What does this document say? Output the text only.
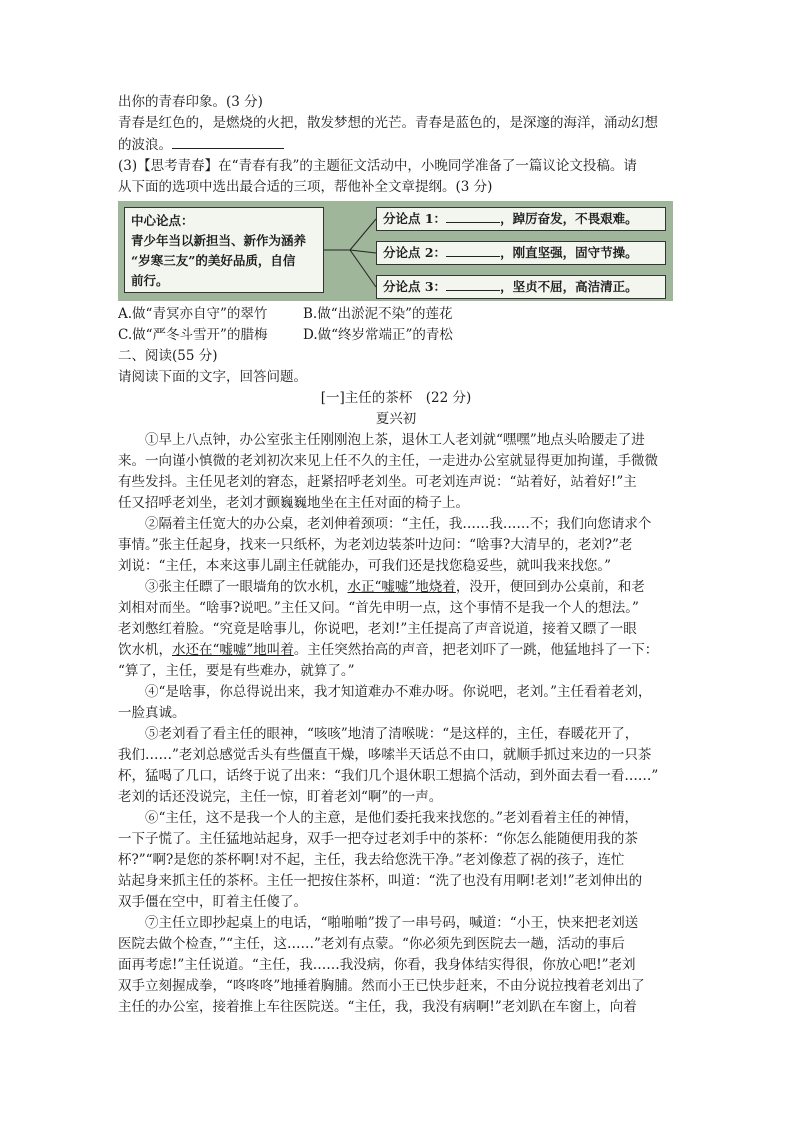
出你的青春印象。(3 分)
青春是红色的，是燃烧的火把，散发梦想的光芒。青春是蓝色的，是深邃的海洋，涌动幻想
的波浪。
(3)【思考青春】在“青春有我”的主题征文活动中，小晚同学准备了一篇议论文投稿。请
从下面的选项中选出最合适的三项，帮他补全文章提纲。(3 分)
中心论点：
青少年当以新担当、新作为涵养
“岁寒三友”的美好品质，自信
前行。
分论点 1：	，踔厉奋发，不畏艰难。
分论点 2：	，刚直坚强，固守节操。
分论点 3：	，坚贞不屈，高洁清正。
A.做“青冥亦自守”的翠竹	B.做“出淤泥不染”的莲花
C.做“严冬斗雪开”的腊梅	D.做“终岁常端正”的青松
二、阅读(55 分)
请阅读下面的文字，回答问题。
[一]主任的茶杯　(22 分)
夏兴初
①早上八点钟，办公室张主任刚刚泡上茶，退休工人老刘就“嘿嘿”地点头哈腰走了进
来。一向谨小慎微的老刘初次来见上任不久的主任，一走进办公室就显得更加拘谨，手微微
有些发抖。主任见老刘的窘态，赶紧招呼老刘坐。可老刘连声说：“站着好，站着好!”主
任又招呼老刘坐，老刘才颤巍巍地坐在主任对面的椅子上。
②隔着主任宽大的办公桌，老刘伸着颈项：“主任，我……我……不；我们向您请求个
事情。”张主任起身，找来一只纸杯，为老刘边装茶叶边问：“啥事?大清早的，老刘?”老
刘说：“主任，本来这事儿副主任就能办，可我们还是找您稳妥些，就叫我来找您。”
③张主任瞟了一眼墙角的饮水机，水正“嘘嘘”地烧着，没开，便回到办公桌前，和老
刘相对而坐。“啥事?说吧。”主任又问。“首先申明一点，这个事情不是我一个人的想法。”
老刘憋红着脸。“究竟是啥事儿，你说吧，老刘!”主任提高了声音说道，接着又瞟了一眼
饮水机，水还在“嘘嘘”地叫着。主任突然抬高的声音，把老刘吓了一跳，他猛地抖了一下：
“算了，主任，要是有些难办，就算了。”
④“是啥事，你总得说出来，我才知道难办不难办呀。你说吧，老刘。”主任看着老刘，
一脸真诚。
⑤老刘看了看主任的眼神，“咳咳”地清了清喉咙：“是这样的，主任，春暖花开了，
我们……”老刘总感觉舌头有些僵直干燥，哆嗦半天话总不由口，就顺手抓过来边的一只茶
杯，猛喝了几口，话终于说了出来：“我们几个退休职工想搞个活动，到外面去看一看……”
老刘的话还没说完，主任一惊，盯着老刘“啊”的一声。
⑥“主任，这不是我一个人的主意，是他们委托我来找您的。”老刘看着主任的神情，
一下子慌了。主任猛地站起身，双手一把夺过老刘手中的茶杯：“你怎么能随便用我的茶
杯?”“啊?是您的茶杯啊!对不起，主任，我去给您洗干净。”老刘像惹了祸的孩子，连忙
站起身来抓主任的茶杯。主任一把按住茶杯，叫道：“洗了也没有用啊!老刘!”老刘伸出的
双手僵在空中，盯着主任傻了。
⑦主任立即抄起桌上的电话，“啪啪啪”拨了一串号码，喊道：“小王，快来把老刘送
医院去做个检查，”“主任，这……”老刘有点蒙。“你必须先到医院去一趟，活动的事后
面再考虑!”主任说道。“主任，我……我没病，你看，我身体结实得很，你放心吧!”老刘
双手立刻握成拳，“咚咚咚”地捶着胸脯。然而小王已快步赶来，不由分说拉拽着老刘出了
主任的办公室，接着推上车往医院送。“主任，我，我没有病啊!”老刘趴在车窗上，向着
